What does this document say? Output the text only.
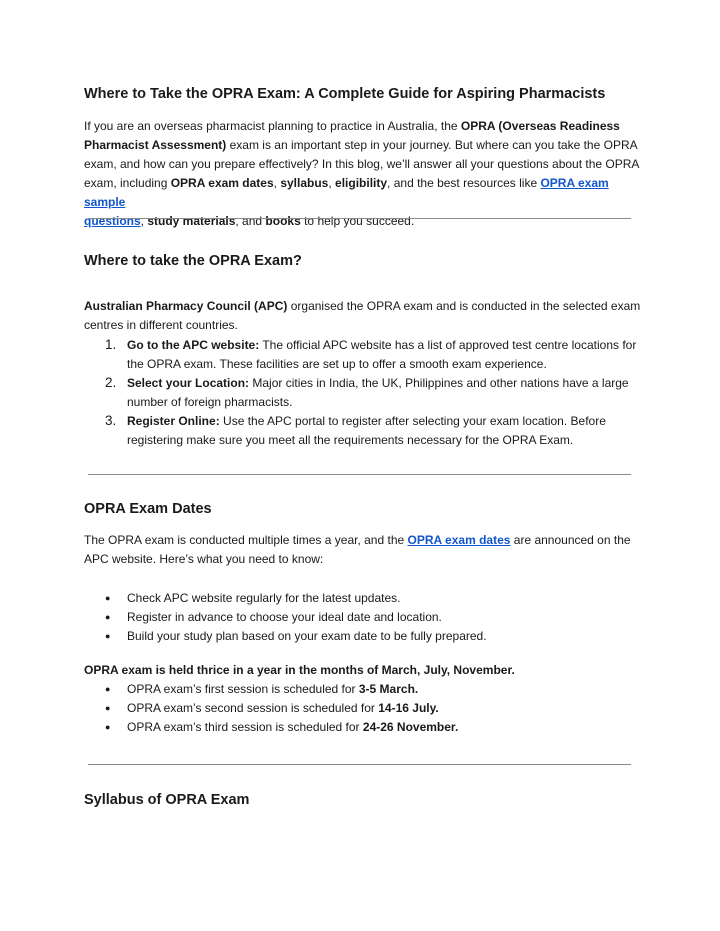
Where to Take the OPRA Exam: A Complete Guide for Aspiring Pharmacists

If you are an overseas pharmacist planning to practice in Australia, the OPRA (Overseas Readiness
Pharmacist Assessment) exam is an important step in your journey. But where can you take the OPRA
exam, and how can you prepare effectively? In this blog, we’ll answer all your questions about the OPRA
exam, including OPRA exam dates, syllabus, eligibility, and the best resources like OPRA exam sample
questions, study materials, and books to help you succeed.

Where to take the OPRA Exam?

Australian Pharmacy Council (APC) organised the OPRA exam and is conducted in the selected exam
centres in different countries.

1. Go to the APC website: The official APC website has a list of approved test centre locations for
the OPRA exam. These facilities are set up to offer a smooth exam experience.
2. Select your Location: Major cities in India, the UK, Philippines and other nations have a large
number of foreign pharmacists.
3. Register Online: Use the APC portal to register after selecting your exam location. Before
registering make sure you meet all the requirements necessary for the OPRA Exam.
OPRA Exam Dates

The OPRA exam is conducted multiple times a year, and the OPRA exam dates are announced on the
APC website. Here’s what you need to know:

● Check APC website regularly for the latest updates.
● Register in advance to choose your ideal date and location.
● Build your study plan based on your exam date to be fully prepared.

OPRA exam is held thrice in a year in the months of March, July, November.

● OPRA exam’s first session is scheduled for 3-5 March.
● OPRA exam’s second session is scheduled for 14-16 July.
● OPRA exam’s third session is scheduled for 24-26 November.
Syllabus of OPRA Exam
